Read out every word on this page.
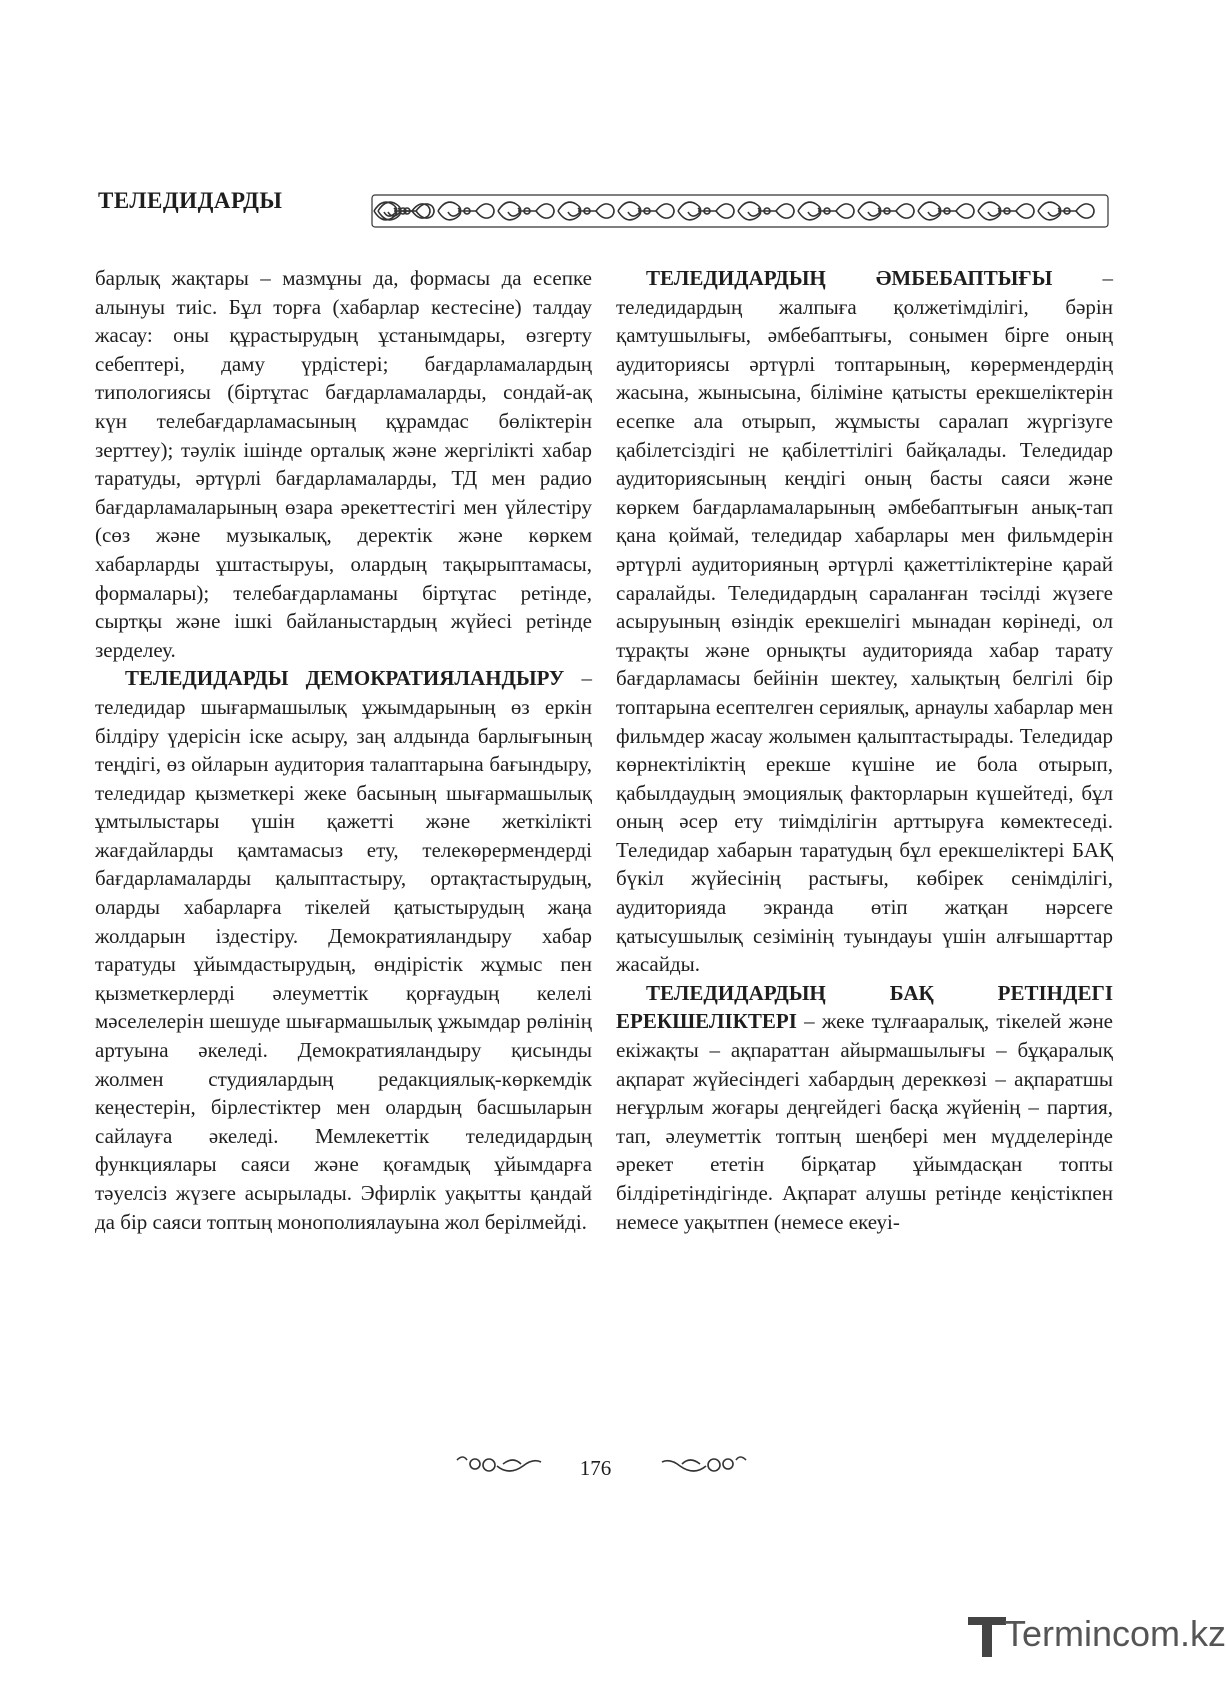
ТЕЛЕДИДАРДЫ

барлық жақтары – мазмұны да, формасы да есепке алынуы тиіс. Бұл торға (хабарлар кестесіне) талдау жасау: оны құрастырудың ұстанымдары, өзгерту себептері, даму үрдістері; бағдарламалардың типологиясы (біртұтас бағдарламаларды, сондай-ақ күн телебағдарламасының құрамдас бөліктерін зерттеу); тәулік ішінде орталық және жергілікті хабар таратуды, әртүрлі бағдарламаларды, ТД мен радио бағдарламаларының өзара әрекеттестігі мен үйлестіру (сөз және музыкалық, деректік және көркем хабарларды ұштастыруы, олардың тақырыптамасы, формалары); телебағдарламаны біртұтас ретінде, сыртқы және ішкі байланыстардың жүйесі ретінде зерделеу.

ТЕЛЕДИДАРДЫ ДЕМОКРАТИЯЛАНДЫРУ – теледидар шығармашылық ұжымдарының өз еркін білдіру үдерісін іске асыру, заң алдында барлығының теңдігі, өз ойларын аудитория талаптарына бағындыру, теледидар қызметкері жеке басының шығармашылық ұмтылыстары үшін қажетті және жеткілікті жағдайларды қамтамасыз ету, телекөрермендерді бағдарламаларды қалыптастыру, ортақтастырудың, оларды хабарларға тікелей қатыстырудың жаңа жолдарын іздестіру. Демократияландыру хабар таратуды ұйымдастырудың, өндірістік жұмыс пен қызметкерлерді әлеуметтік қорғаудың келелі мәселелерін шешуде шығармашылық ұжымдар рөлінің артуына әкеледі. Демократияландыру қисынды жолмен студиялардың редакциялық-көркемдік кеңестерін, бірлестіктер мен олардың басшыларын сайлауға әкеледі. Мемлекеттік теледидардың функциялары саяси және қоғамдық ұйымдарға тәуелсіз жүзеге асырылады. Эфирлік уақытты қандай да бір саяси топтың монополиялауына жол берілмейді.

ТЕЛЕДИДАРДЫҢ ӘМБЕБАПТЫҒЫ – теледидардың жалпыға қолжетімділігі, бәрін қамтушылығы, әмбебаптығы, сонымен бірге оның аудиториясы әртүрлі топтарының, көрермендердің жасына, жынысына, біліміне қатысты ерекшеліктерін есепке ала отырып, жұмысты саралап жүргізуге қабілетсіздігі не қабілеттілігі байқалады. Теледидар аудиториясының кеңдігі оның басты саяси және көркем бағдарламаларының әмбебаптығын анық-тап қана қоймай, теледидар хабарлары мен фильмдерін әртүрлі аудиторияның әртүрлі қажеттіліктеріне қарай саралайды. Теледидардың сараланған тәсілді жүзеге асыруының өзіндік ерекшелігі мынадан көрінеді, ол тұрақты және орнықты аудиторияда хабар тарату бағдарламасы бейінін шектеу, халықтың белгілі бір топтарына есептелген сериялық, арнаулы хабарлар мен фильмдер жасау жолымен қалыптастырады. Теледидар көрнектіліктің ерекше күшіне ие бола отырып, қабылдаудың эмоциялық факторларын күшейтеді, бұл оның әсер ету тиімділігін арттыруға көмектеседі. Теледидар хабарын таратудың бұл ерекшеліктері БАҚ бүкіл жүйесінің растығы, көбірек сенімділігі, аудиторияда экранда өтіп жатқан нәрсеге қатысушылық сезімінің туындауы үшін алғышарттар жасайды.

ТЕЛЕДИДАРДЫҢ БАҚ РЕТІНДЕГІ ЕРЕКШЕЛІКТЕРІ – жеке тұлғааралық, тікелей және екіжақты – ақпараттан айырмашылығы – бұқаралық ақпарат жүйесіндегі хабардың дереккөзі – ақпаратшы неғұрлым жоғары деңгейдегі басқа жүйенің – партия, тап, әлеуметтік топтың шеңбері мен мүдделерінде әрекет ететін бірқатар ұйымдасқан топты білдіретіндігінде. Ақпарат алушы ретінде кеңістікпен немесе уақытпен (немесе екеуі-

176
Termincom.kz
